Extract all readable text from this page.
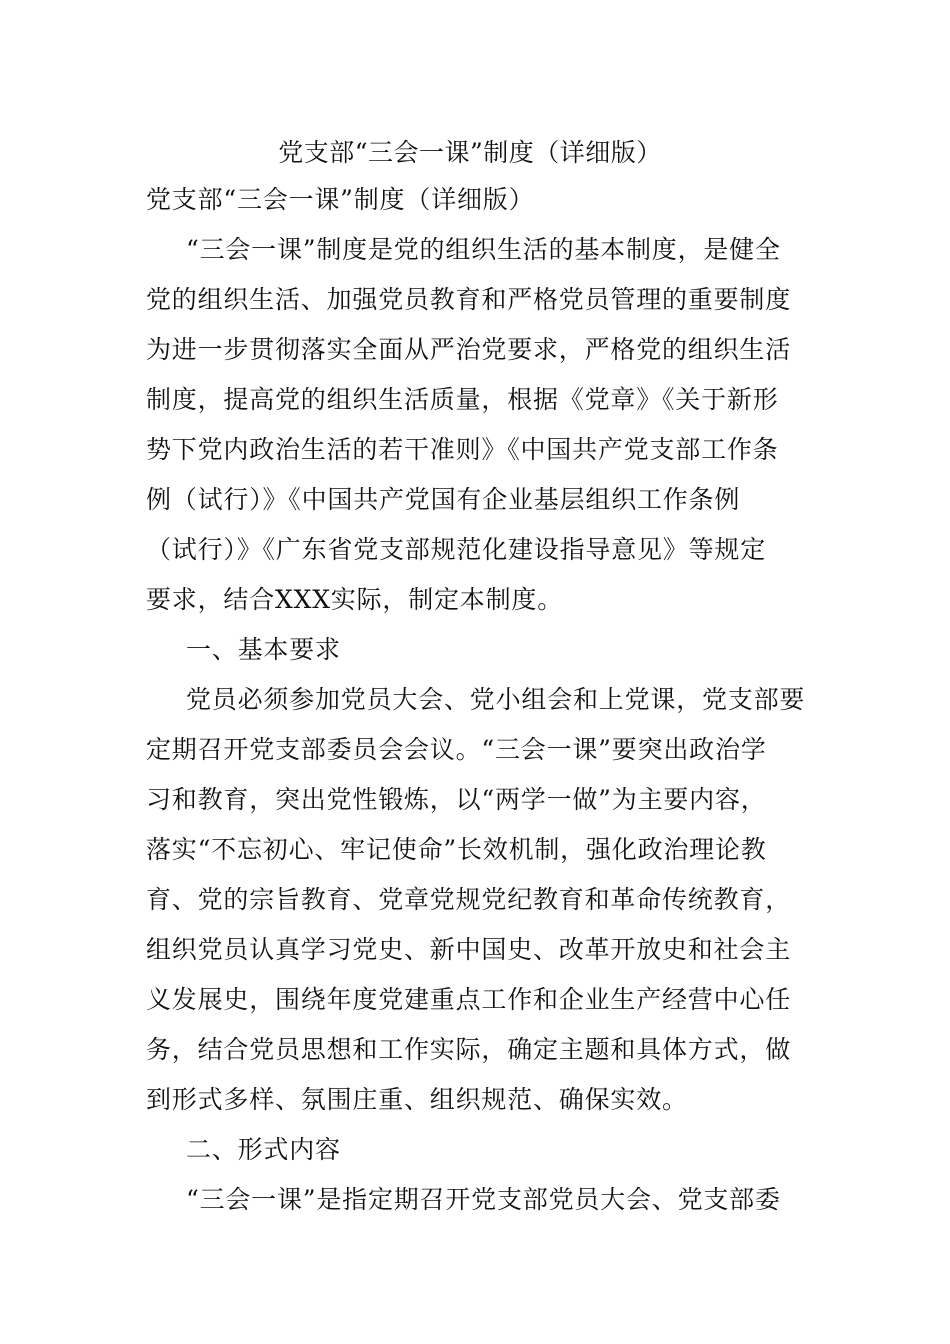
党支部“三会一课”制度（详细版）
党支部“三会一课”制度（详细版）
“三会一课”制度是党的组织生活的基本制度，是健全
党的组织生活、加强党员教育和严格党员管理的重要制度
为进一步贯彻落实全面从严治党要求，严格党的组织生活
制度，提高党的组织生活质量，根据《党章》《关于新形
势下党内政治生活的若干准则》《中国共产党支部工作条
例（试行）》《中国共产党国有企业基层组织工作条例
（试行）》《广东省党支部规范化建设指导意见》等规定
要求，结合XXX实际，制定本制度。
一、基本要求
党员必须参加党员大会、党小组会和上党课，党支部要
定期召开党支部委员会会议。“三会一课”要突出政治学
习和教育，突出党性锻炼，以“两学一做”为主要内容，
落实“不忘初心、牢记使命”长效机制，强化政治理论教
育、党的宗旨教育、党章党规党纪教育和革命传统教育，
组织党员认真学习党史、新中国史、改革开放史和社会主
义发展史，围绕年度党建重点工作和企业生产经营中心任
务，结合党员思想和工作实际，确定主题和具体方式，做
到形式多样、氛围庄重、组织规范、确保实效。
二、形式内容
“三会一课”是指定期召开党支部党员大会、党支部委
